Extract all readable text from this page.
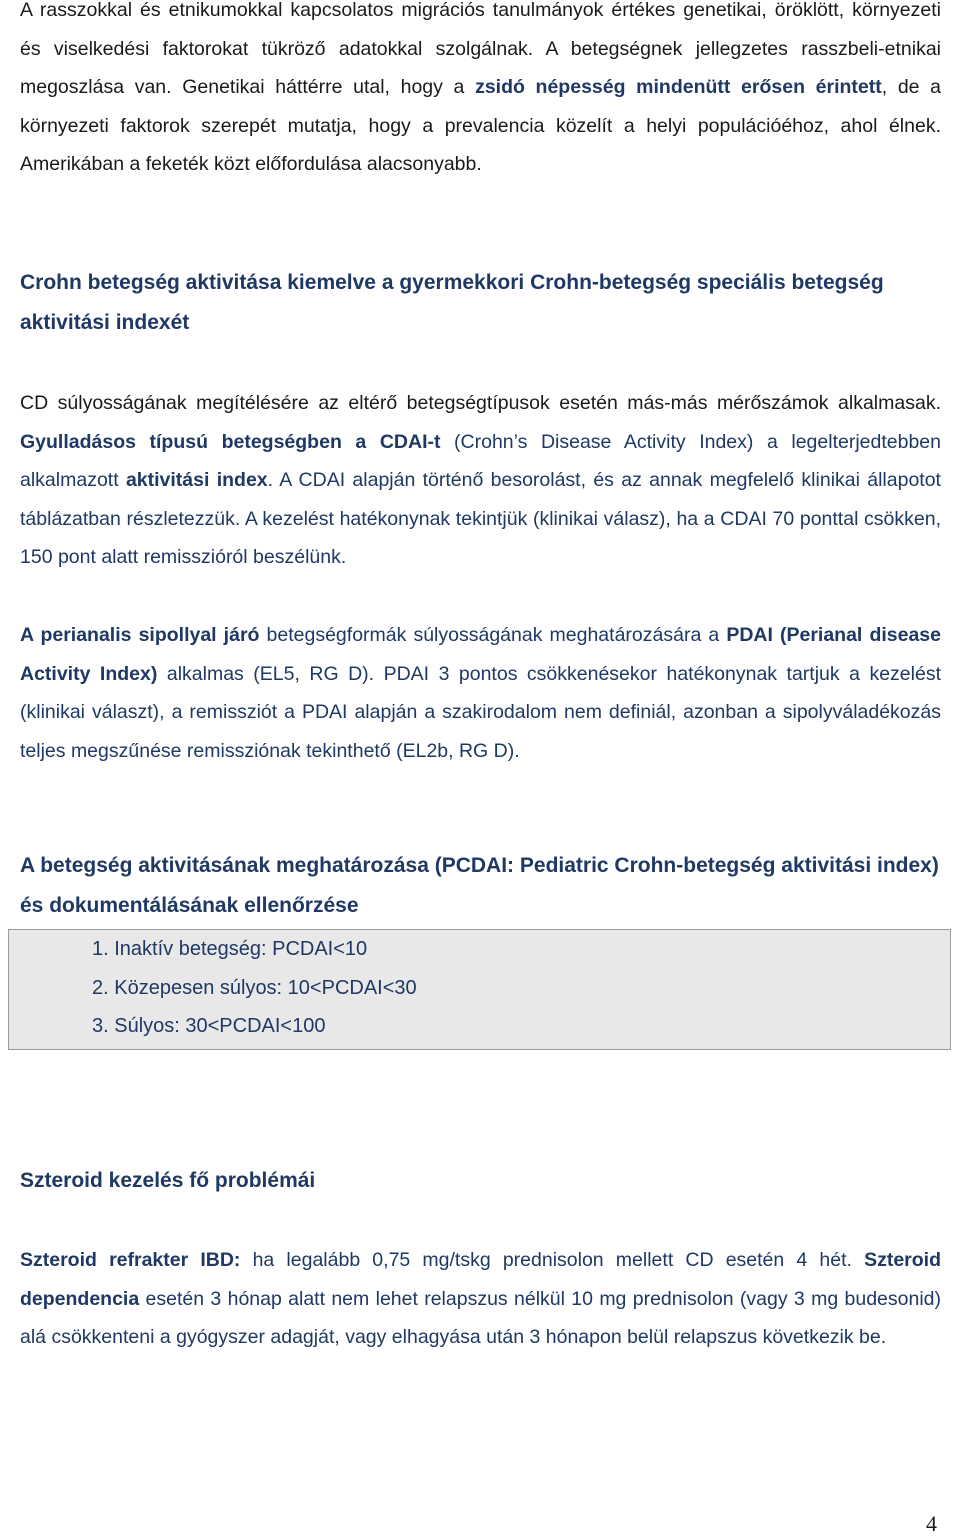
A rasszokkal és etnikumokkal kapcsolatos migrációs tanulmányok értékes genetikai, öröklött, környezeti és viselkedési faktorokat tükröző adatokkal szolgálnak. A betegségnek jellegzetes rasszbeli-etnikai megoszlása van. Genetikai háttérre utal, hogy a zsidó népesség mindenütt erősen érintett, de a környezeti faktorok szerepét mutatja, hogy a prevalencia közelít a helyi populációéhoz, ahol élnek. Amerikában a feketék közt előfordulása alacsonyabb.

Crohn betegség aktivitása kiemelve a gyermekkori Crohn-betegség speciális betegség aktivitási indexét

CD súlyosságának megítélésére az eltérő betegségtípusok esetén más-más mérőszámok alkalmasak. Gyulladásos típusú betegségben a CDAI-t (Crohn’s Disease Activity Index) a legelterjedtebben alkalmazott aktivitási index. A CDAI alapján történő besorolást, és az annak megfelelő klinikai állapotot táblázatban részletezzük. A kezelést hatékonynak tekintjük (klinikai válasz), ha a CDAI 70 ponttal csökken, 150 pont alatt remisszióról beszélünk.

A perianalis sipollyal járó betegségformák súlyosságának meghatározására a PDAI (Perianal disease Activity Index) alkalmas (EL5, RG D). PDAI 3 pontos csökkenésekor hatékonynak tartjuk a kezelést (klinikai választ), a remissziót a PDAI alapján a szakirodalom nem definiál, azonban a sipolyváladékozás teljes megszűnése remissziónak tekinthető (EL2b, RG D).

A betegség aktivitásának meghatározása (PCDAI: Pediatric Crohn-betegség aktivitási index) és dokumentálásának ellenőrzése
1. Inaktív betegség: PCDAI<10
2. Közepesen súlyos: 10<PCDAI<30
3. Súlyos: 30<PCDAI<100
Szteroid kezelés fő problémái

Szteroid refrakter IBD: ha legalább 0,75 mg/tskg prednisolon mellett CD esetén 4 hét. Szteroid dependencia esetén 3 hónap alatt nem lehet relapszus nélkül 10 mg prednisolon (vagy 3 mg budesonid) alá csökkenteni a gyógyszer adagját, vagy elhagyása után 3 hónapon belül relapszus következik be.

4
